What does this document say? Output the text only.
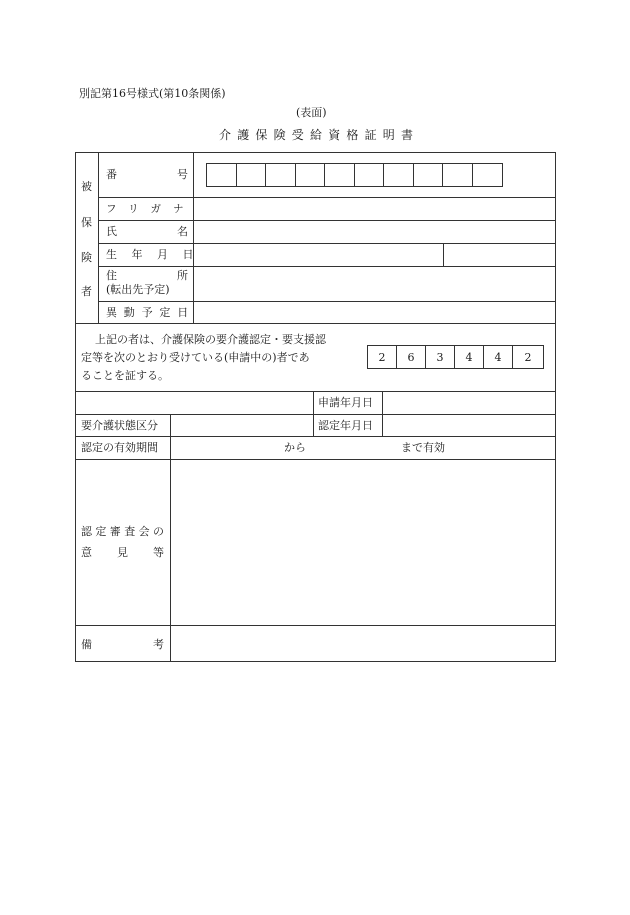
別記第16号様式(第10条関係)
(表面)
介護保険受給資格証明書
被
保
険
者
番	号
フリガナ
氏	名
生年月日
住	所
(転出先予定)
異動予定日
上記の者は、介護保険の要介護認定・要支援認
定等を次のとおり受けている(申請中の)者であ
ることを証する。
2	6	3	4	4	2
申請年月日
要介護状態区分	認定年月日
認定の有効期間	から	まで有効
認定審査会の
意 見 等
備	考
